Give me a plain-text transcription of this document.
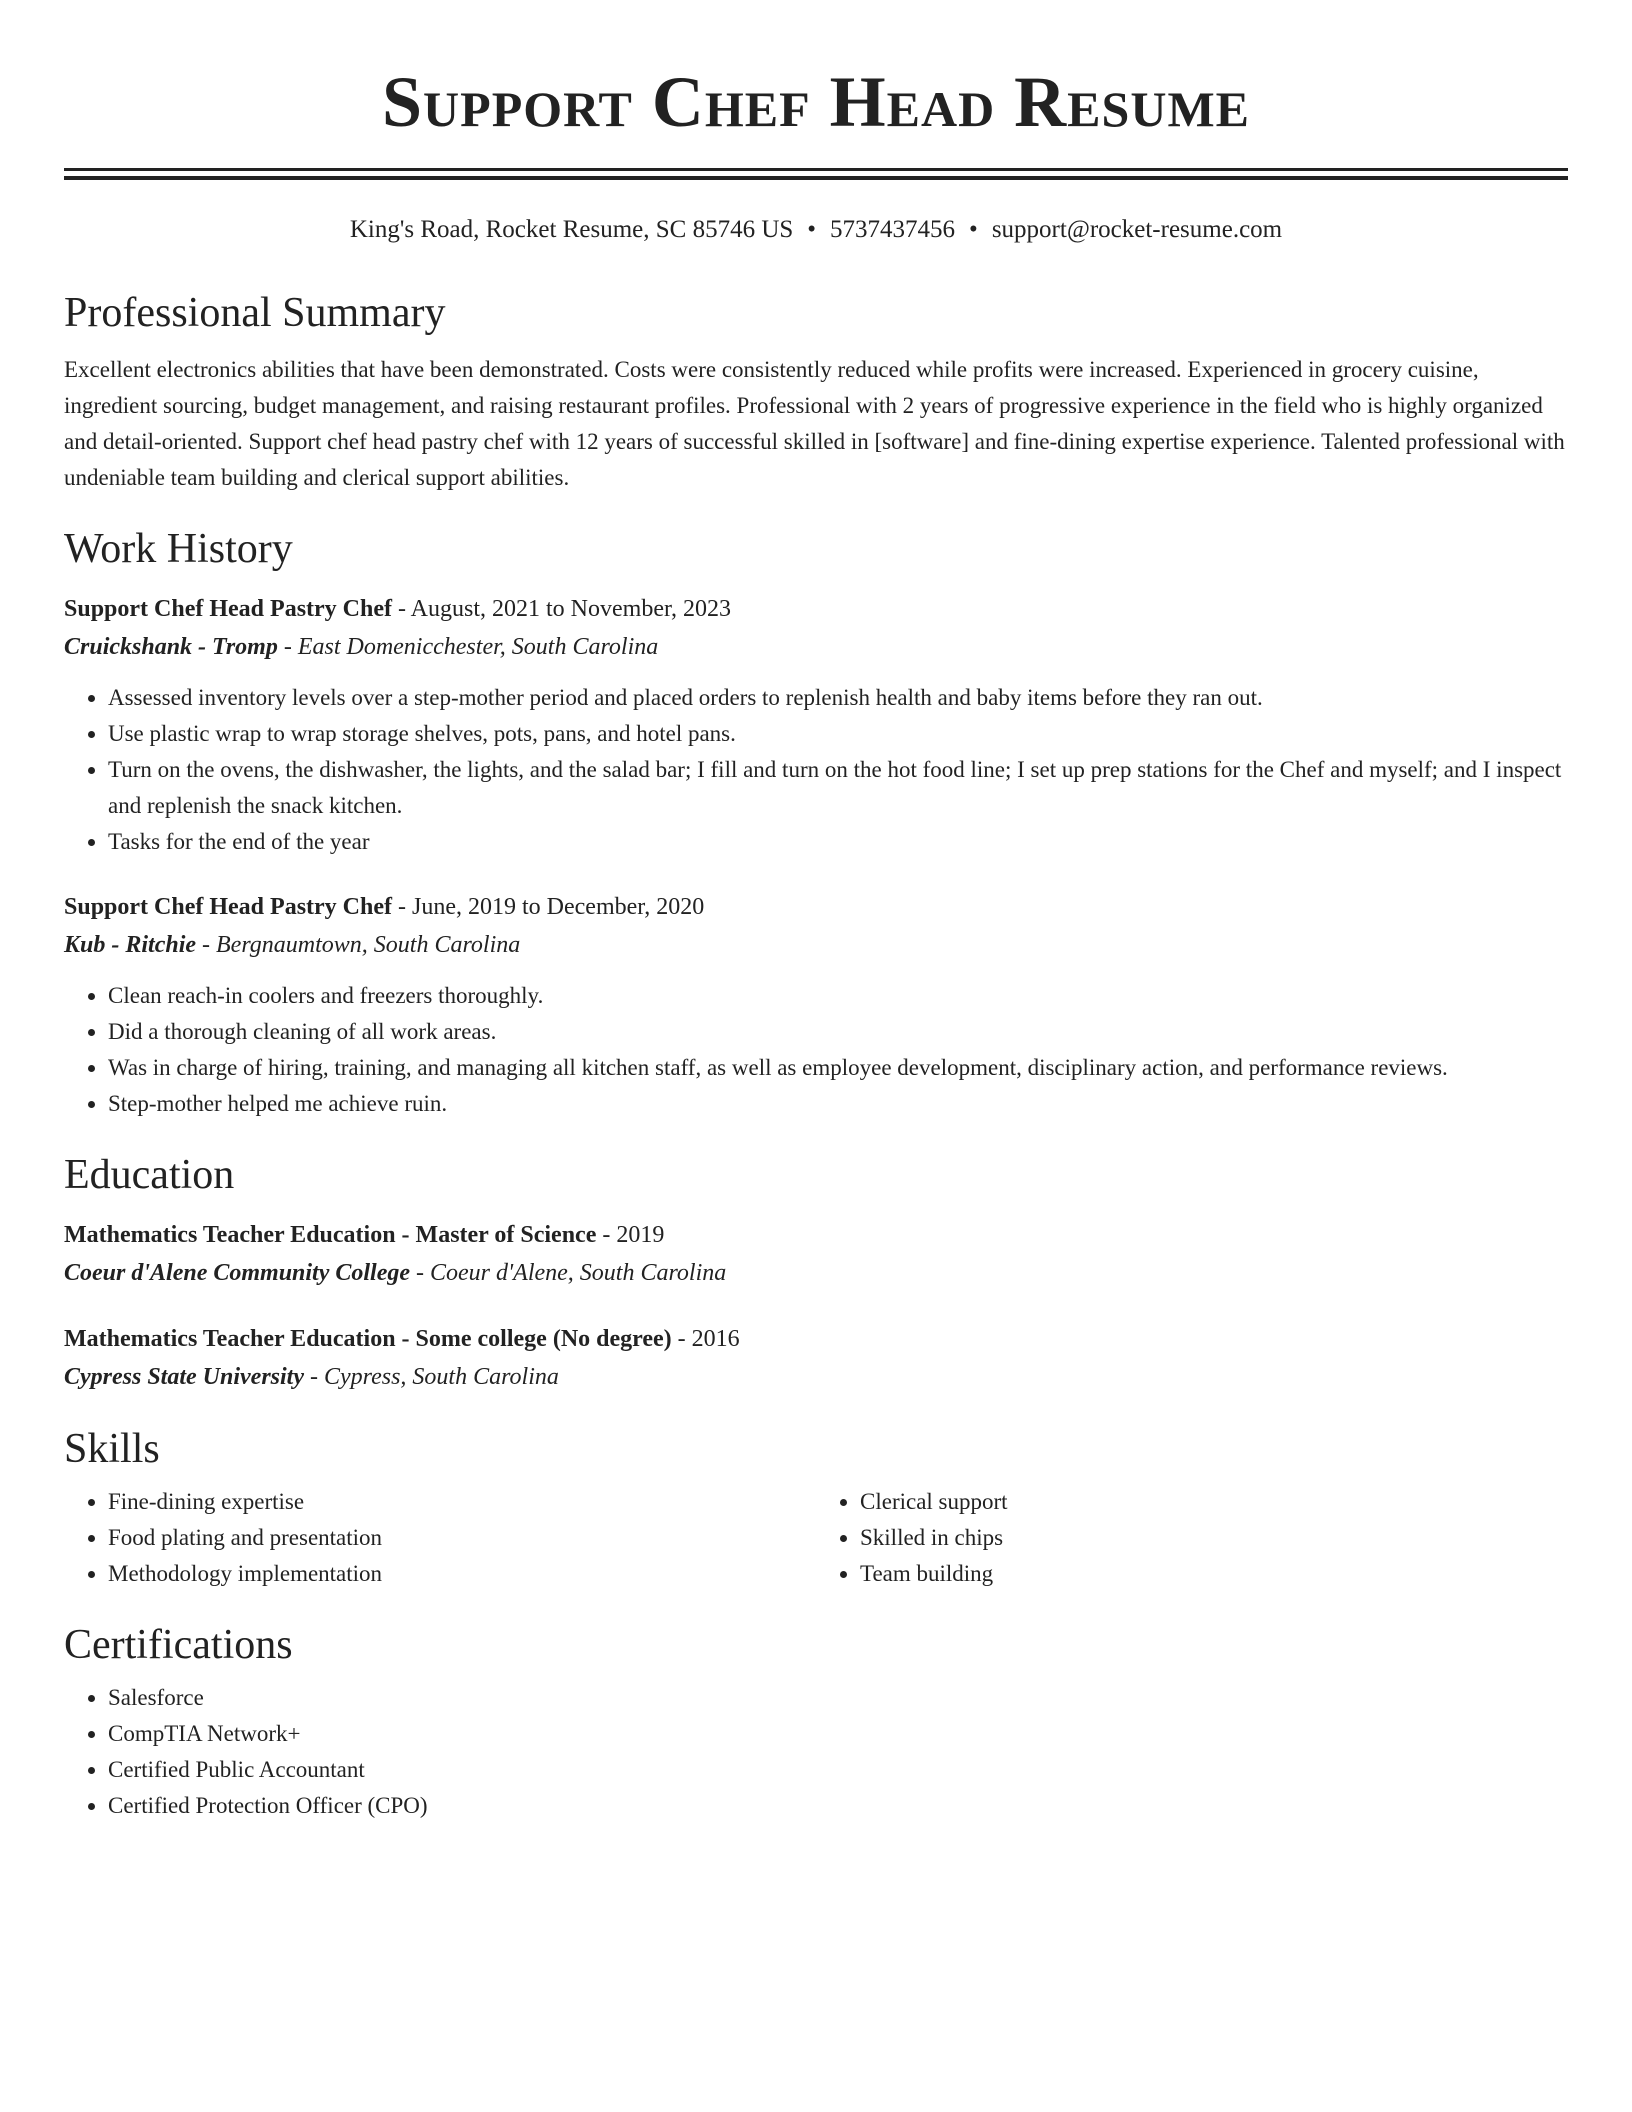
Support Chef Head Resume
King's Road, Rocket Resume, SC 85746 US • 5737437456 • support@rocket-resume.com
Professional Summary

Excellent electronics abilities that have been demonstrated. Costs were consistently reduced while profits were increased. Experienced in grocery cuisine, ingredient sourcing, budget management, and raising restaurant profiles. Professional with 2 years of progressive experience in the field who is highly organized and detail-oriented. Support chef head pastry chef with 12 years of successful skilled in [software] and fine-dining expertise experience. Talented professional with undeniable team building and clerical support abilities.

Work History
Support Chef Head Pastry Chef - August, 2021 to November, 2023
Cruickshank - Tromp - East Domenicchester, South Carolina
• Assessed inventory levels over a step-mother period and placed orders to replenish health and baby items before they ran out.
• Use plastic wrap to wrap storage shelves, pots, pans, and hotel pans.
• Turn on the ovens, the dishwasher, the lights, and the salad bar; I fill and turn on the hot food line; I set up prep stations for the Chef and myself; and I inspect and replenish the snack kitchen.
• Tasks for the end of the year
Support Chef Head Pastry Chef - June, 2019 to December, 2020
Kub - Ritchie - Bergnaumtown, South Carolina
• Clean reach-in coolers and freezers thoroughly.
• Did a thorough cleaning of all work areas.
• Was in charge of hiring, training, and managing all kitchen staff, as well as employee development, disciplinary action, and performance reviews.
• Step-mother helped me achieve ruin.
Education
Mathematics Teacher Education - Master of Science - 2019
Coeur d'Alene Community College - Coeur d'Alene, South Carolina
Mathematics Teacher Education - Some college (No degree) - 2016
Cypress State University - Cypress, South Carolina
Skills
• Fine-dining expertise
• Food plating and presentation
• Methodology implementation
• Clerical support
• Skilled in chips
• Team building
Certifications
• Salesforce
• CompTIA Network+
• Certified Public Accountant
• Certified Protection Officer (CPO)
